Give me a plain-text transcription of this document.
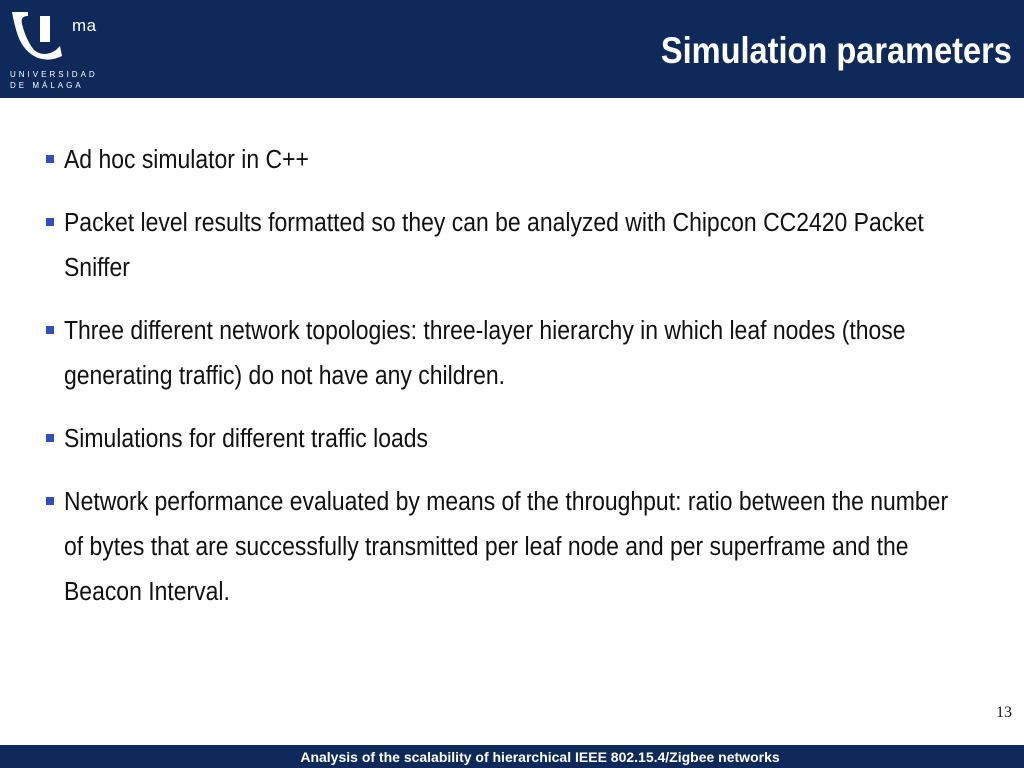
ma
UNIVERSIDAD
DE MÁLAGA
Simulation parameters
Ad hoc simulator in C++
Packet level results formatted so they can be analyzed with Chipcon CC2420 Packet Sniffer
Three different network topologies: three-layer hierarchy in which leaf nodes (those generating traffic) do not have any children.
Simulations for different traffic loads
Network performance evaluated by means of the throughput: ratio between the number of bytes that are successfully transmitted per leaf node and per superframe and the Beacon Interval.
13
Analysis of the scalability of hierarchical IEEE 802.15.4/Zigbee networks
